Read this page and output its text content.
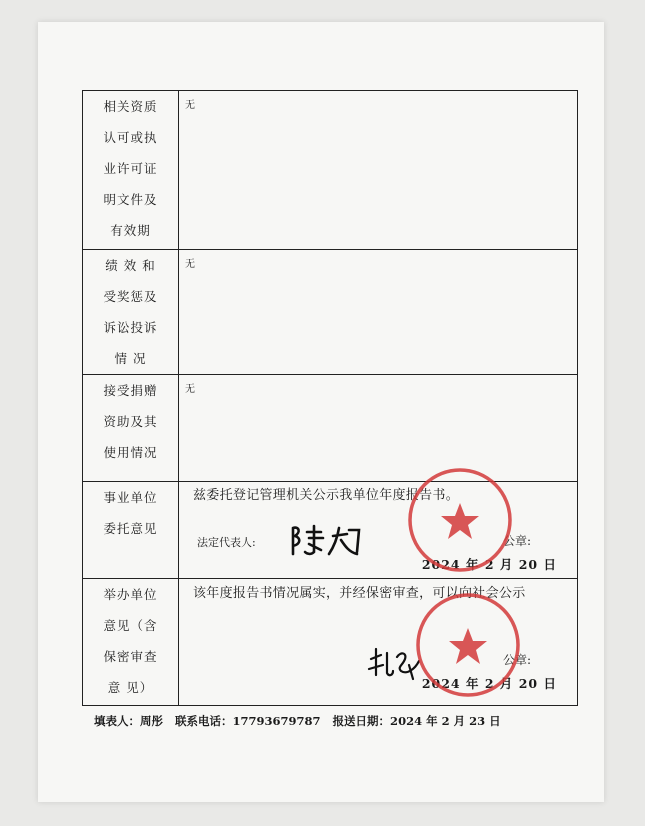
相关资质
认可或执
业许可证
明文件及
有效期	无

绩 效 和
受奖惩及
诉讼投诉
情 况	无

接受捐赠
资助及其
使用情况	无

事业单位
委托意见	兹委托登记管理机关公示我单位年度报告书。
法定代表人: 公章:
2024 年 2 月 20 日

举办单位
意见（含
保密审查
意 见）	该年度报告书情况属实，并经保密审查，可以向社会公示
公章:
2024 年 2 月 20 日
填表人：周彤 联系电话：17793679787 报送日期：2024 年 2 月 23 日
